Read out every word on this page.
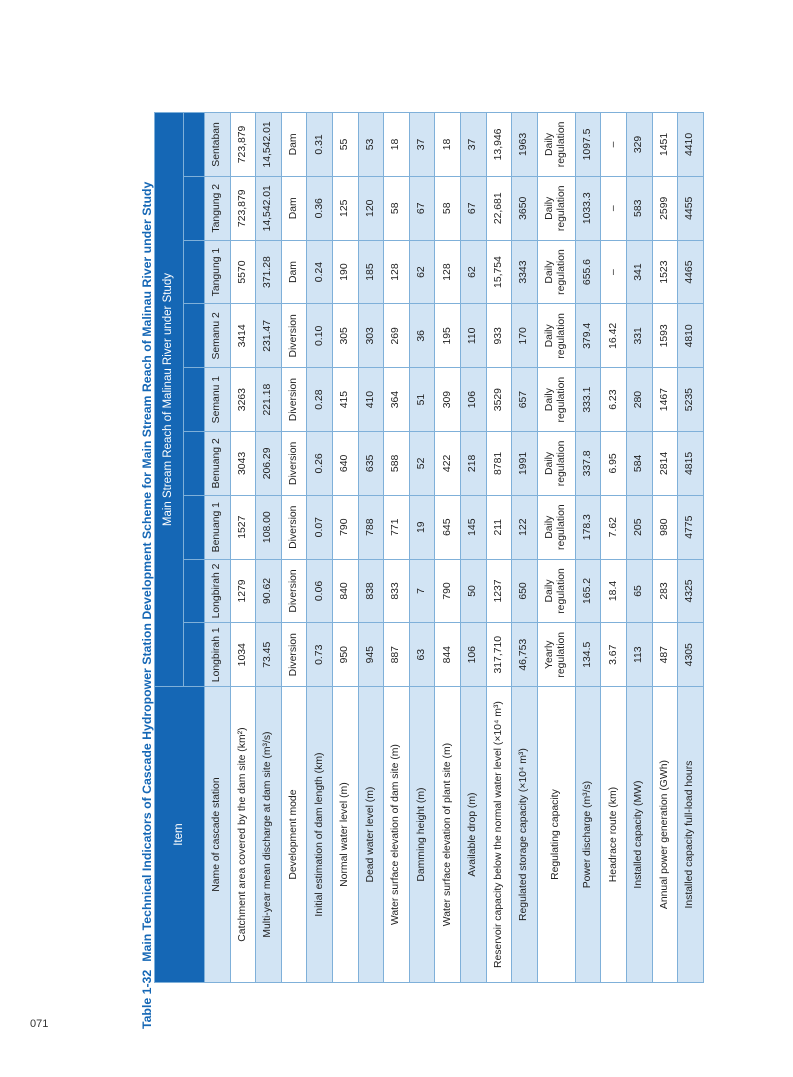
Table 1-32Main Technical Indicators of Cascade Hydropower Station Development Scheme for Main Stream Reach of Malinau River under Study	Item	Main Stream Reach of Malinau River under Study								

Name of cascade station	Longbirah 1	Longbirah 2	Benuang 1	Benuang 2	Semanu 1	Semanu 2	Tangung 1	Tangung 2	Sentaban
Catchment area covered by the dam site (km²)	1034	1279	1527	3043	3263	3414	5570	723,879	723,879
Multi-year mean discharge at dam site (m³/s)	73.45	90.62	108.00	206.29	221.18	231.47	371.28	14,542.01	14,542.01
Development mode	Diversion	Diversion	Diversion	Diversion	Diversion	Diversion	Dam	Dam	Dam
Initial estimation of dam length (km)	0.73	0.06	0.07	0.26	0.28	0.10	0.24	0.36	0.31
Normal water level (m)	950	840	790	640	415	305	190	125	55
Dead water level (m)	945	838	788	635	410	303	185	120	53
Water surface elevation of dam site (m)	887	833	771	588	364	269	128	58	18
Damming height (m)	63	7	19	52	51	36	62	67	37
Water surface elevation of plant site (m)	844	790	645	422	309	195	128	58	18
Available drop (m)	106	50	145	218	106	110	62	67	37
Reservoir capacity below the normal water level (×10⁴ m³)	317,710	1237	211	8781	3529	933	15,754	22,681	13,946
Regulated storage capacity (×10⁴ m³)	46,753	650	122	1991	657	170	3343	3650	1963
Regulating capacity	Yearly regulation	Daily regulation	Daily regulation	Daily regulation	Daily regulation	Daily regulation	Daily regulation	Daily regulation	Daily regulation
Power discharge (m³/s)	134.5	165.2	178.3	337.8	333.1	379.4	655.6	1033.3	1097.5
Headrace route (km)	3.67	18.4	7.62	6.95	6.23	16.42	–	–	–
Installed capacity (MW)	113	65	205	584	280	331	341	583	329
Annual power generation (GWh)	487	283	980	2814	1467	1593	1523	2599	1451
Installed capacity full-load hours	4305	4325	4775	4815	5235	4810	4465	4455	4410
071
